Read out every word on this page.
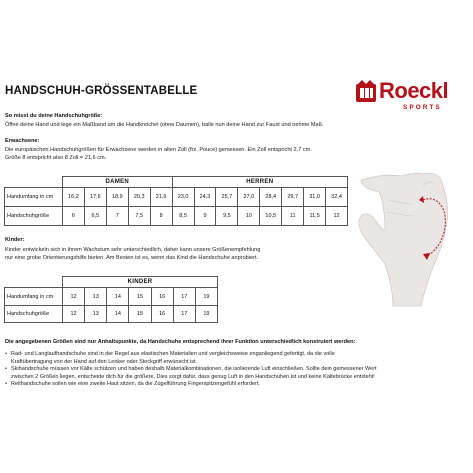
HANDSCHUH-GRÖSSENTABELLE	Roeckl
SPORTS
So misst du deine Handschuhgröße:
Öffne deine Hand und lege ein Maßband um die Handknöchel (ohne Daumen), balle nun deine Hand zur Faust und nehme Maß.
Erwachsene:
Die europäischen Handschuhgrößen für Erwachsene werden in alten Zoll (frz. Pouce) gemessen. Ein Zoll entspricht 2,7 cm.
Größe 8 entspricht also 8 Zoll = 21,6 cm.
	DAMEN					HERREN							
Handumfang in cm	16,2	17,6	18,9	20,3	21,6	23,0	24,3	25,7	27,0	28,4	29,7	31,0	32,4
Handschuhgröße	6	6,5	7	7,5	8	8,5	9	9,5	10	10,5	11	11,5	12
Kinder:
Kinder entwickeln sich in ihrem Wachstum sehr unterschiedlich, daher kann unsere Größenempfehlung
nur eine grobe Orientierungshilfe bieten. Am Besten ist es, wenn das Kind die Handschuhe anprobiert.
	KINDER						
Handumfang in cm	12	13	14	15	16	17	19
Handschuhgröße	12	13	14	15	16	17	19
Die angegebenen Größen sind nur Anhaltspunkte, da Handschuhe entsprechend ihrer Funktion unterschiedlich konstruiert werden:
• Rad- und Langlaufhandschuhe sind in der Regel aus elastischen Materialien und vergleichsweise enganliegend gefertigt, da die volle
Kraftübertragung von der Hand auf den Lenker oder Stockgriff erwünscht ist.
• Skihandschuhe müssen vor Kälte schützen und haben deshalb Materialkombinationen, die isolierende Luft einschließen. Sollte dein gemessener Wert
zwischen 2 Größen liegen, entscheide dich für die größere. Dies sorgt dafür, dass genug Luft in den Handschuhen ist und keine Kältebrücke entsteht!
• Reithandschuhe sollen wie eine zweite Haut sitzen, da die Zügelführung Fingerspitzengefühl erfordert.
